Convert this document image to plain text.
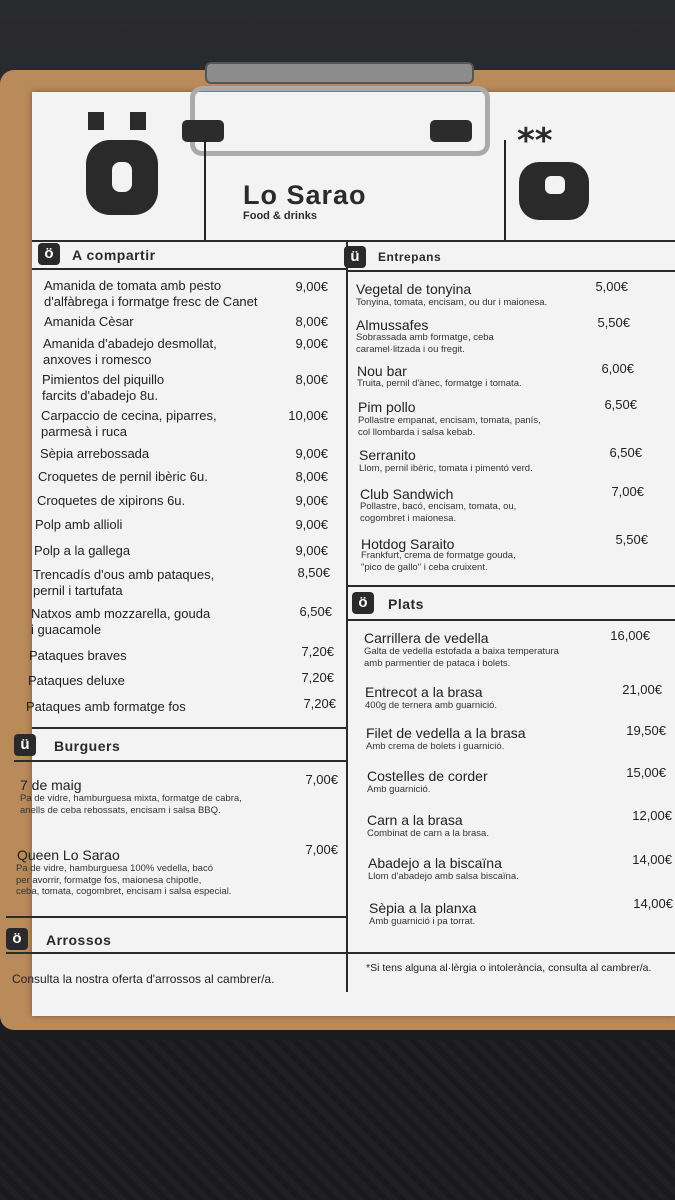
**
Lo Sarao
Food & drinks
ö	A compartir	ü	Entrepans
Amanida de tomata amb pesto
d'alfàbrega i formatge fresc de Canet
9,00€
Amanida Cèsar	8,00€
Amanida d'abadejo desmollat,
anxoves i romesco
9,00€
Pimientos del piquillo
farcits d'abadejo 8u.
8,00€
Carpaccio de cecina, piparres,
parmesà i ruca
10,00€
Sèpia arrebossada	9,00€
Croquetes de pernil ibèric 6u.	8,00€
Croquetes de xipirons 6u.	9,00€
Polp amb allioli	9,00€
Polp a la gallega	9,00€
Trencadís d'ous amb pataques,
pernil i tartufata
8,50€
Natxos amb mozzarella, gouda
i guacamole
6,50€
Pataques braves	7,20€
Pataques deluxe	7,20€
Pataques amb formatge fos	7,20€
ü	Burguers
7 de maig	7,00€
Pa de vidre, hamburguesa mixta, formatge de cabra,
anells de ceba rebossats, encisam i salsa BBQ.
Queen Lo Sarao	7,00€
Pa de vidre, hamburguesa 100% vedella, bacó
per avorrir, formatge fos, maionesa chipotle,
ceba, tomata, cogombret, encisam i salsa especial.
ö	Arrossos
Consulta la nostra oferta d'arrossos al cambrer/a.
*Si tens alguna al·lèrgia o intolerància, consulta al cambrer/a.
Vegetal de tonyina	5,00€
Tonyina, tomata, encisam, ou dur i maionesa.
Almussafes	5,50€
Sobrassada amb formatge, ceba
caramel·litzada i ou fregit.
Nou bar	6,00€
Truita, pernil d'ànec, formatge i tomata.
Pim pollo	6,50€
Pollastre empanat, encisam, tomata, panís,
col llombarda i salsa kebab.
Serranito	6,50€
Llom, pernil ibèric, tomata i pimentó verd.
Club Sandwich	7,00€
Pollastre, bacó, encisam, tomata, ou,
cogombret i maionesa.
Hotdog Saraito	5,50€
Frankfurt, crema de formatge gouda,
"pico de gallo" i ceba cruixent.
ö	Plats
Carrillera de vedella	16,00€
Galta de vedella estofada a baixa temperatura
amb parmentier de pataca i bolets.
Entrecot a la brasa	21,00€
400g de ternera amb guarnició.
Filet de vedella a la brasa	19,50€
Amb crema de bolets i guarnició.
Costelles de corder	15,00€
Amb guarnició.
Carn a la brasa	12,00€
Combinat de carn a la brasa.
Abadejo a la biscaïna	14,00€
Llom d'abadejo amb salsa biscaïna.
Sèpia a la planxa	14,00€
Amb guarnició i pa torrat.
